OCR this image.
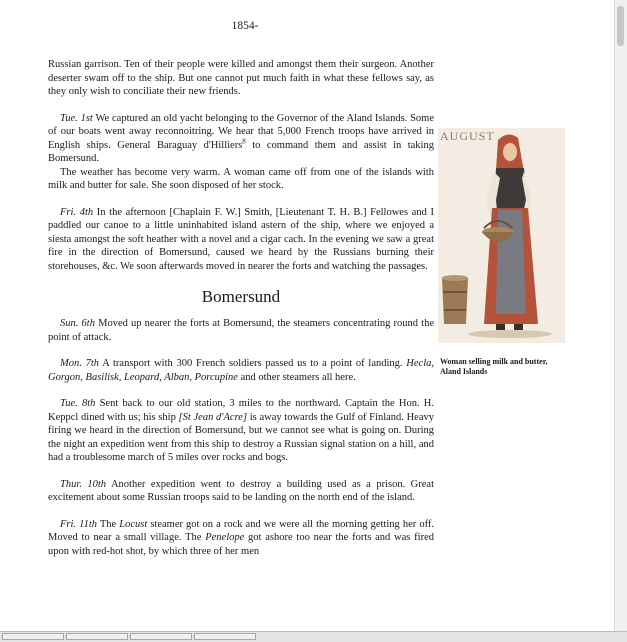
1854-

Russian garrison. Ten of their people were killed and amongst them their surgeon. Another deserter swam off to the ship. But one cannot put much faith in what these fellows say, as they only wish to conciliate their new friends.

Tue. 1st We captured an old yacht belonging to the Governor of the Aland Islands. Some of our boats went away reconnoitring. We hear that 5,000 French troops have arrived in English ships. General Baraguay d'Hilliers$^8$ to command them and assist in taking Bomersund.

The weather has become very warm. A woman came off from one of the islands with milk and butter for sale. She soon disposed of her stock.

Fri. 4th In the afternoon [Chaplain F. W.] Smith, [Lieutenant T. H. B.] Fellowes and I paddled our canoe to a little uninhabited island astern of the ship, where we enjoyed a siesta amongst the soft heather with a novel and a cigar cach. In the evening we saw a great fire in the direction of Bomersund, caused we heard by the Russians burning their storehouses, &c. We soon afterwards moved in nearer the forts and watching the passages.

Bomersund

Sun. 6th Moved up nearer the forts at Bomersund, the steamers concentrating round the point of attack.

Mon. 7th A transport with 300 French soldiers passed us to a point of landing. Hecla, Gorgon, Basilisk, Leopard, Alban, Porcupine and other steamers all here.

Tue. 8th Sent back to our old station, 3 miles to the northward. Captain the Hon. H. Keppcl dined with us; his ship [St Jean d'Acre] is away towards the Gulf of Finland. Heavy firing we heard in the direction of Bomersund, but we cannot see what is going on. During the night an expedition went from this ship to destroy a Russian signal station on a hill, and had a troublesome march of 5 miles over rocks and bogs.

Thur. 10th Another expedition went to destroy a building used as a prison. Great excitement about some Russian troops said to be landing on the north end of the island.

Fri. 11th The Locust steamer got on a rock and we were all the morning getting her off. Moved to near a small village. The Penelope got ashore too near the forts and was fired upon with red-hot shot, by which three of her men

AUGUST
Woman selling milk and butter, Aland Islands
